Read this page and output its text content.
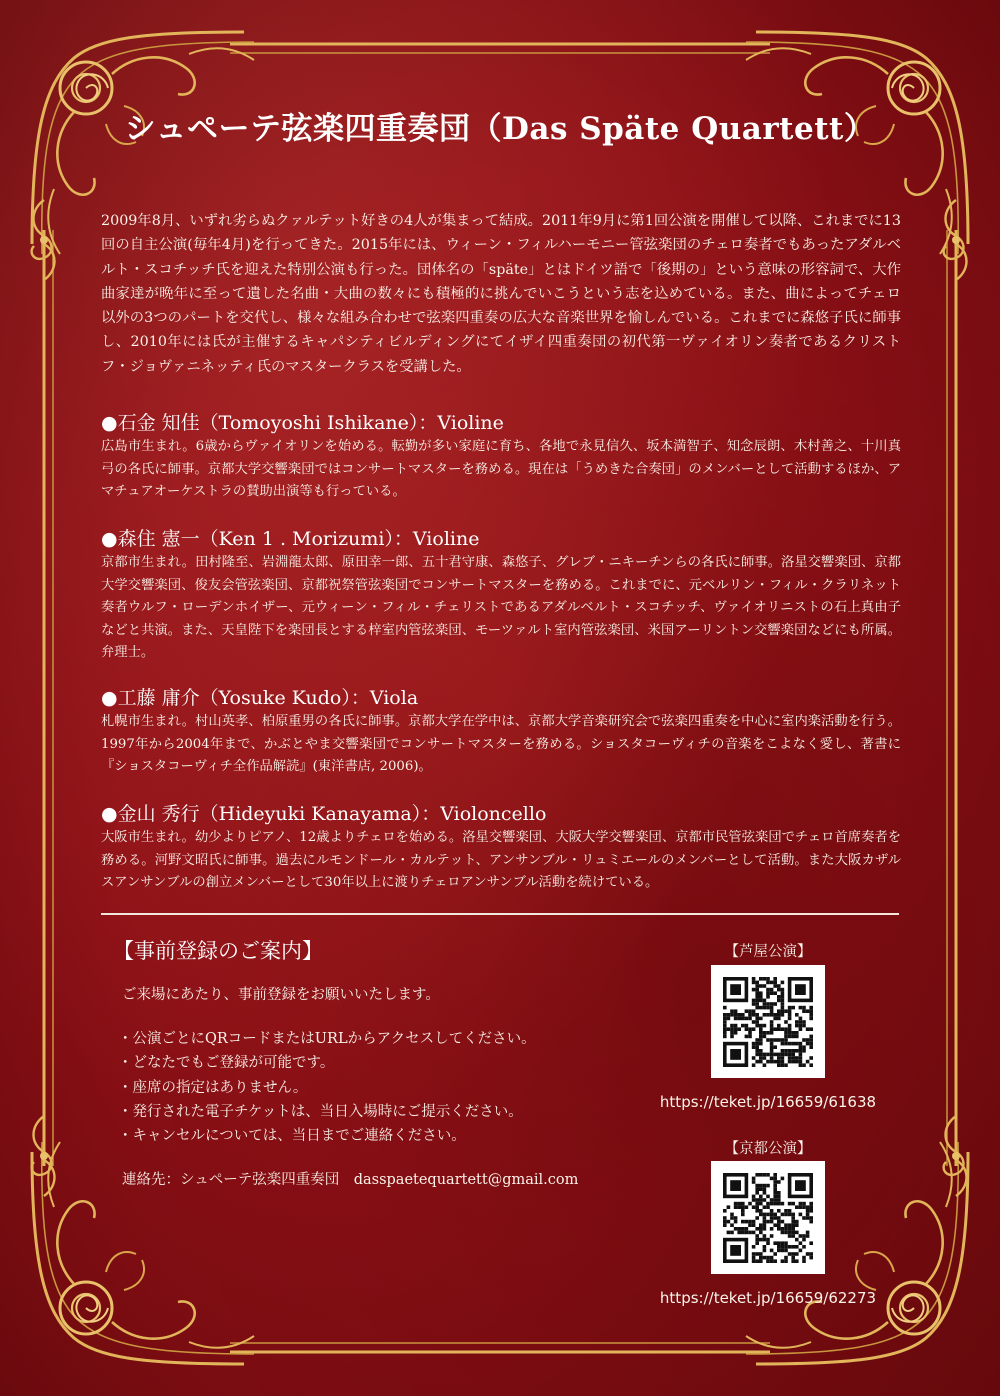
シュペーテ弦楽四重奏団（Das Späte Quartett）

2009年8月、いずれ劣らぬクァルテット好きの4人が集まって結成。2011年9月に第1回公演を開催して以降、これまでに13回の自主公演(毎年4月)を行ってきた。2015年には、ウィーン・フィルハーモニー管弦楽団のチェロ奏者でもあったアダルベルト・スコチッチ氏を迎えた特別公演も行った。団体名の「späte」とはドイツ語で「後期の」という意味の形容詞で、大作曲家達が晩年に至って遺した名曲・大曲の数々にも積極的に挑んでいこうという志を込めている。また、曲によってチェロ以外の3つのパートを交代し、様々な組み合わせで弦楽四重奏の広大な音楽世界を愉しんでいる。これまでに森悠子氏に師事し、2010年には氏が主催するキャパシティビルディングにてイザイ四重奏団の初代第一ヴァイオリン奏者であるクリストフ・ジョヴァニネッティ氏のマスタークラスを受講した。

●石金 知佳（Tomoyoshi Ishikane）：Violine

広島市生まれ。6歳からヴァイオリンを始める。転勤が多い家庭に育ち、各地で永見信久、坂本満智子、知念辰朗、木村善之、十川真弓の各氏に師事。京都大学交響楽団ではコンサートマスターを務める。現在は「うめきた合奏団」のメンバーとして活動するほか、アマチュアオーケストラの賛助出演等も行っている。

●森住 憲一（Ken 1 . Morizumi）：Violine

京都市生まれ。田村隆至、岩淵龍太郎、原田幸一郎、五十君守康、森悠子、グレブ・ニキーチンらの各氏に師事。洛星交響楽団、京都大学交響楽団、俊友会管弦楽団、京都祝祭管弦楽団でコンサートマスターを務める。これまでに、元ベルリン・フィル・クラリネット奏者ウルフ・ローデンホイザー、元ウィーン・フィル・チェリストであるアダルベルト・スコチッチ、ヴァイオリニストの石上真由子などと共演。また、天皇陛下を楽団長とする梓室内管弦楽団、モーツァルト室内管弦楽団、米国アーリントン交響楽団などにも所属。弁理士。

●工藤 庸介（Yosuke Kudo）：Viola

札幌市生まれ。村山英孝、柏原重男の各氏に師事。京都大学在学中は、京都大学音楽研究会で弦楽四重奏を中心に室内楽活動を行う。1997年から2004年まで、かぶとやま交響楽団でコンサートマスターを務める。ショスタコーヴィチの音楽をこよなく愛し、著書に『ショスタコーヴィチ全作品解読』(東洋書店, 2006)。

●金山 秀行（Hideyuki Kanayama）：Violoncello

大阪市生まれ。幼少よりピアノ、12歳よりチェロを始める。洛星交響楽団、大阪大学交響楽団、京都市民管弦楽団でチェロ首席奏者を務める。河野文昭氏に師事。過去にルモンドール・カルテット、アンサンブル・リュミエールのメンバーとして活動。また大阪カザルスアンサンブルの創立メンバーとして30年以上に渡りチェロアンサンブル活動を続けている。

【事前登録のご案内】
ご来場にあたり、事前登録をお願いいたします。
・公演ごとにQRコードまたはURLからアクセスしてください。
・どなたでもご登録が可能です。
・座席の指定はありません。
・発行された電子チケットは、当日入場時にご提示ください。
・キャンセルについては、当日までご連絡ください。
連絡先：シュペーテ弦楽四重奏団　dasspaetequartett@gmail.com
【芦屋公演】
https://teket.jp/16659/61638
【京都公演】
https://teket.jp/16659/62273
